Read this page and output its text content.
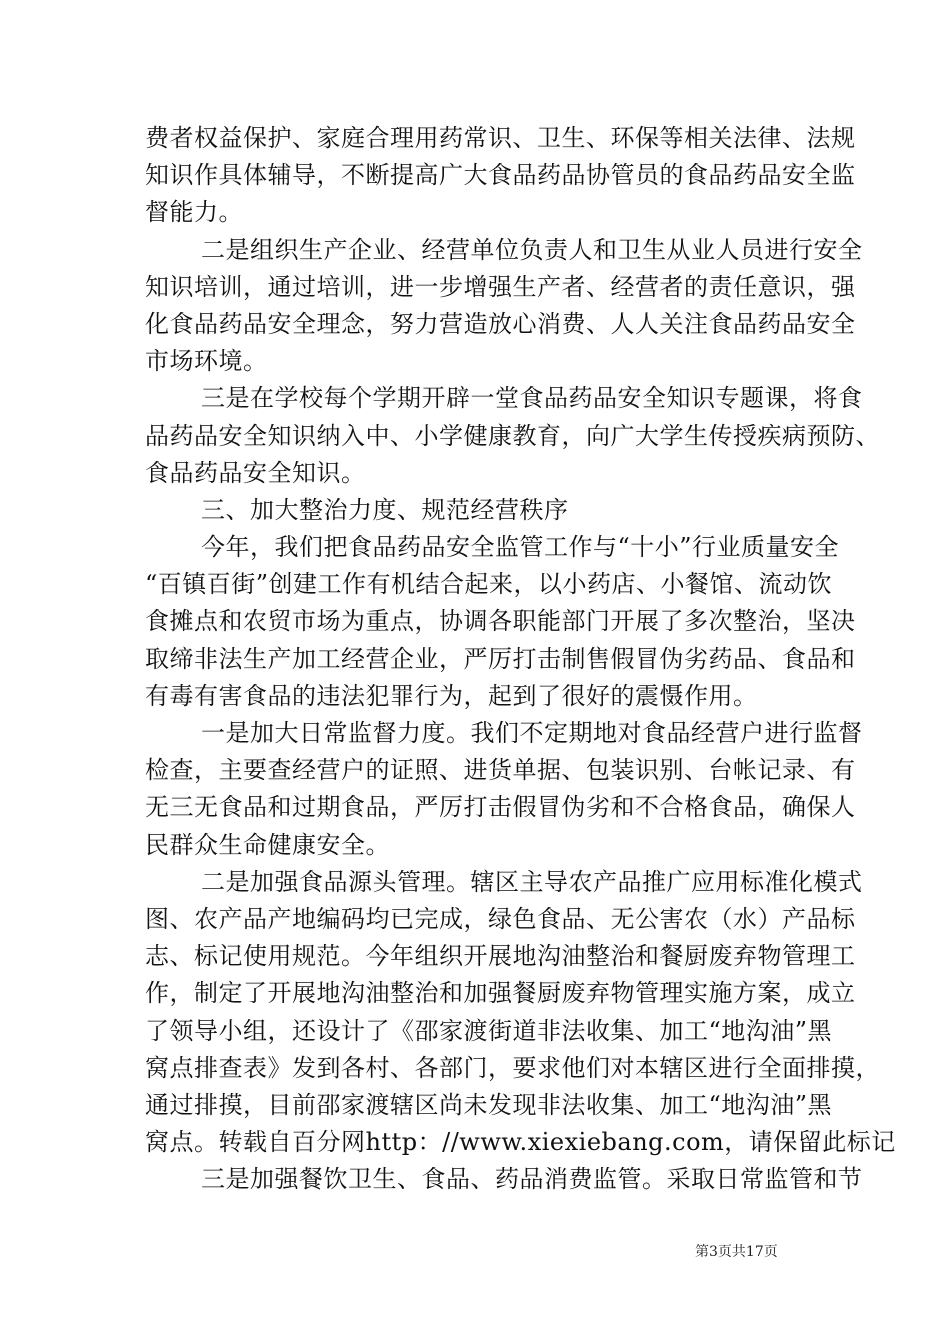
费者权益保护、家庭合理用药常识、卫生、环保等相关法律、法规
知识作具体辅导，不断提高广大食品药品协管员的食品药品安全监
督能力。
二是组织生产企业、经营单位负责人和卫生从业人员进行安全
知识培训，通过培训，进一步增强生产者、经营者的责任意识，强
化食品药品安全理念，努力营造放心消费、人人关注食品药品安全
市场环境。
三是在学校每个学期开辟一堂食品药品安全知识专题课，将食
品药品安全知识纳入中、小学健康教育，向广大学生传授疾病预防、
食品药品安全知识。
三、加大整治力度、规范经营秩序
今年，我们把食品药品安全监管工作与“十小”行业质量安全
“百镇百街”创建工作有机结合起来，以小药店、小餐馆、流动饮
食摊点和农贸市场为重点，协调各职能部门开展了多次整治，坚决
取缔非法生产加工经营企业，严厉打击制售假冒伪劣药品、食品和
有毒有害食品的违法犯罪行为，起到了很好的震慑作用。
一是加大日常监督力度。我们不定期地对食品经营户进行监督
检查，主要查经营户的证照、进货单据、包装识别、台帐记录、有
无三无食品和过期食品，严厉打击假冒伪劣和不合格食品，确保人
民群众生命健康安全。
二是加强食品源头管理。辖区主导农产品推广应用标准化模式
图、农产品产地编码均已完成，绿色食品、无公害农（水）产品标
志、标记使用规范。今年组织开展地沟油整治和餐厨废弃物管理工
作，制定了开展地沟油整治和加强餐厨废弃物管理实施方案，成立
了领导小组，还设计了《邵家渡街道非法收集、加工“地沟油”黑
窝点排查表》发到各村、各部门，要求他们对本辖区进行全面排摸，
通过排摸，目前邵家渡辖区尚未发现非法收集、加工“地沟油”黑
窝点。转载自百分网http：//www.xiexiebang.com，请保留此标记
三是加强餐饮卫生、食品、药品消费监管。采取日常监管和节
第3页共17页
